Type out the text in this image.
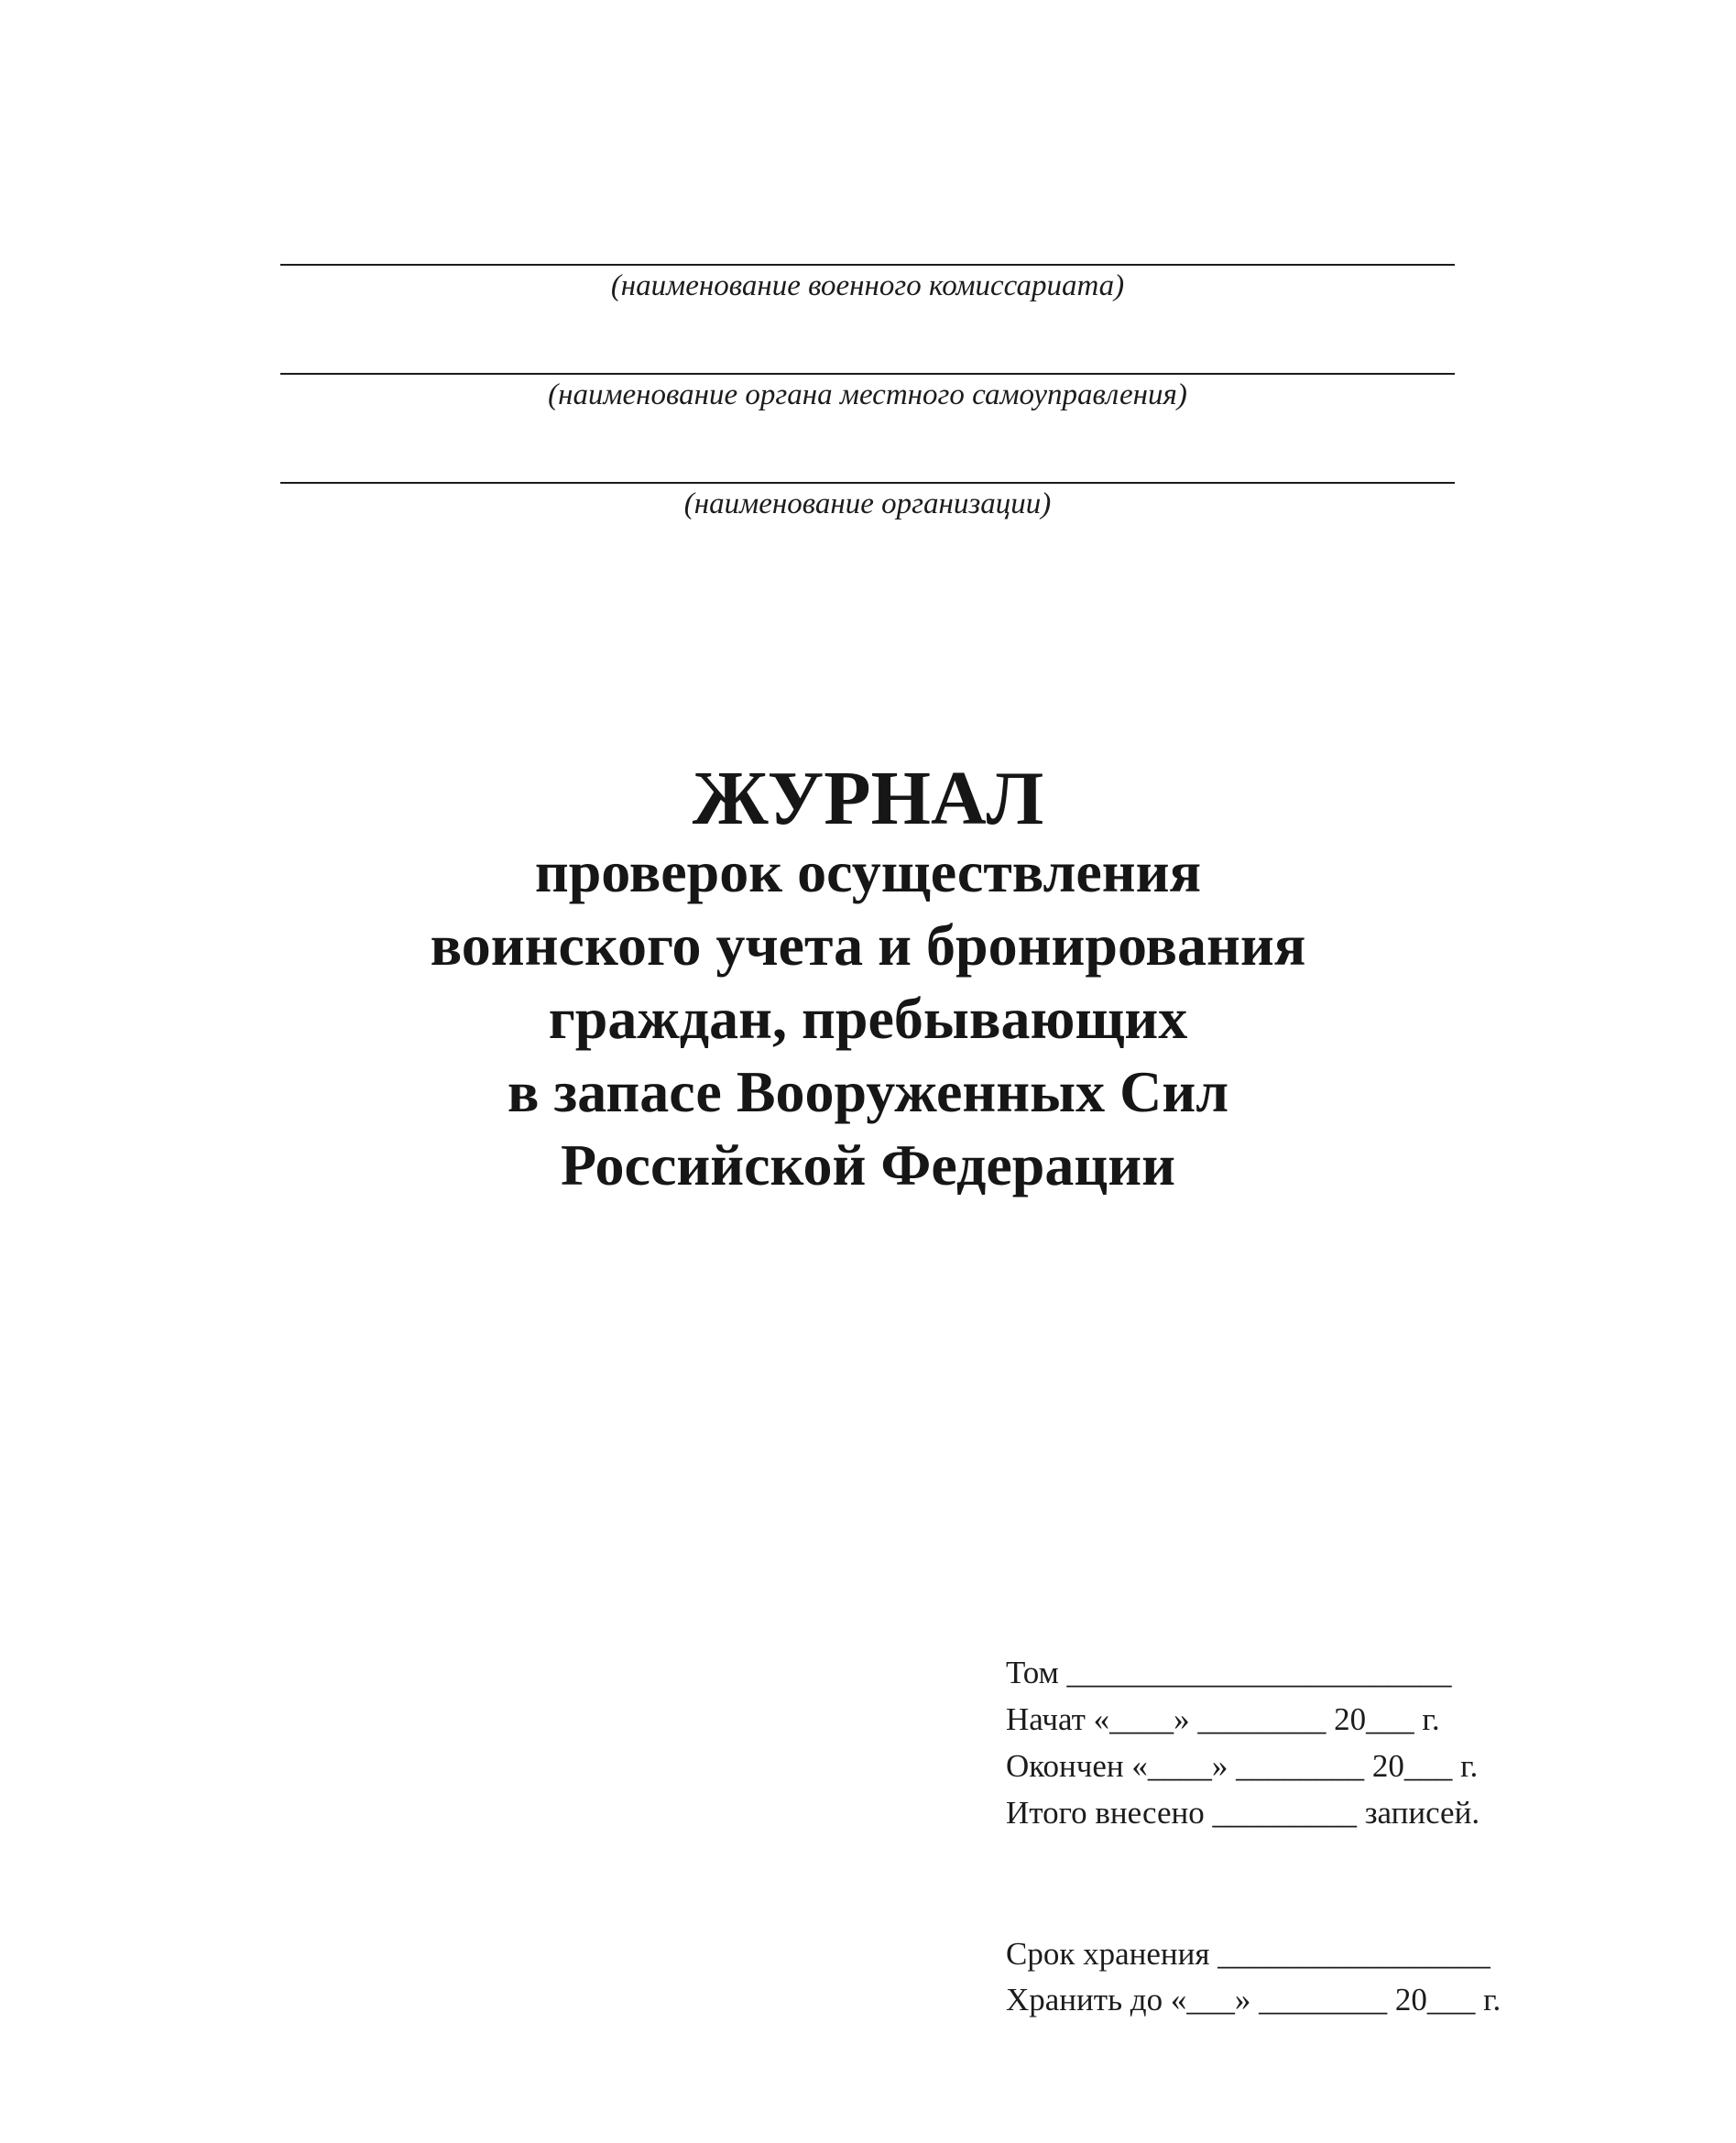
(наименование военного комиссариата)
(наименование органа местного самоуправления)
(наименование организации)
ЖУРНАЛ
проверок осуществления
воинского учета и бронирования
граждан, пребывающих
в запасе Вооруженных Сил
Российской Федерации
Том ________________________
Начат «____» ________ 20___ г.
Окончен «____» ________ 20___ г.
Итого внесено _________ записей.
Срок хранения _________________
Хранить до «___» ________ 20___ г.
